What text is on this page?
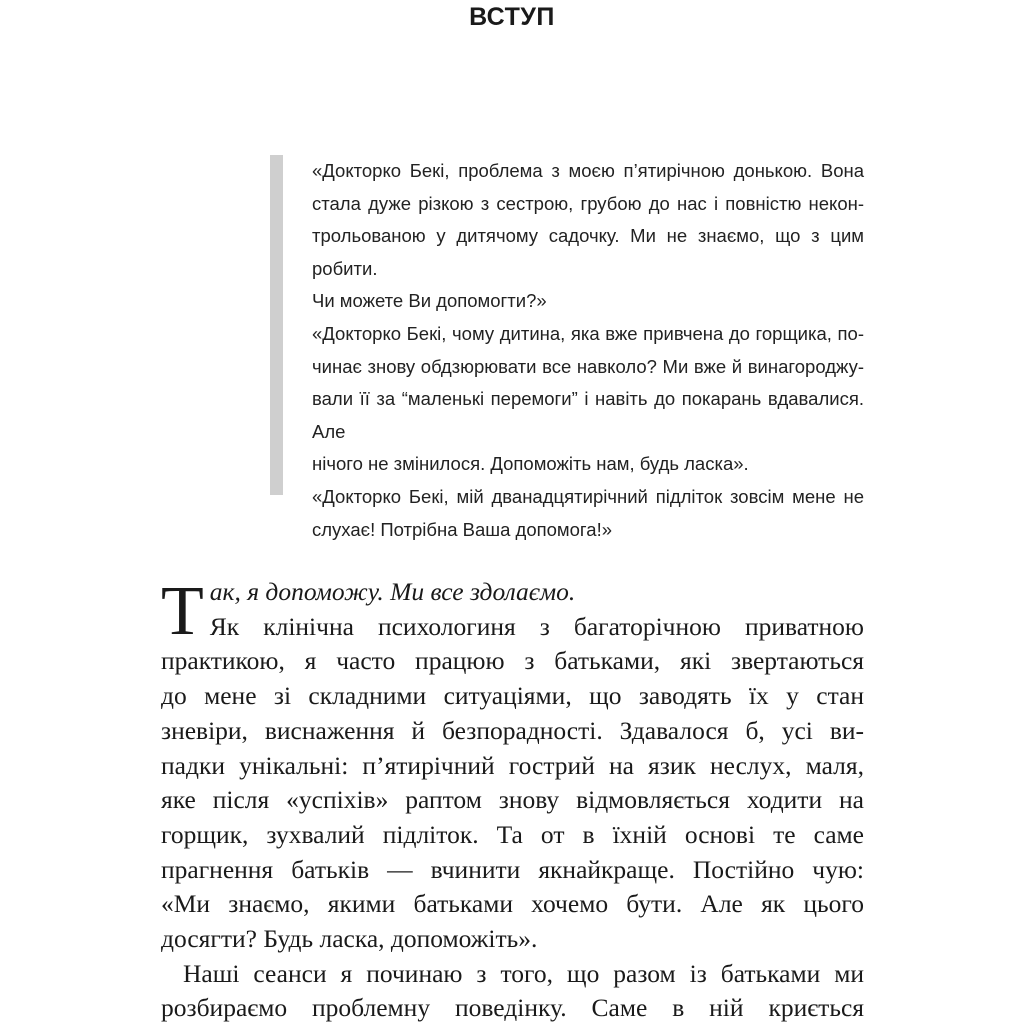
ВСТУП

«Докторко Бекі, проблема з моєю п’ятирічною донькою. Вона

стала дуже різкою з сестрою, грубою до нас і повністю некон-

трольованою у дитячому садочку. Ми не знаємо, що з цим робити.

Чи можете Ви допомогти?»

«Докторко Бекі, чому дитина, яка вже привчена до горщика, по-

чинає знову обдзюрювати все навколо? Ми вже й винагороджу-

вали її за “маленькі перемоги” і навіть до покарань вдавалися. Але

нічого не змінилося. Допоможіть нам, будь ласка».

«Докторко Бекі, мій дванадцятирічний підліток зовсім мене не

слухає! Потрібна Ваша допомога!»

Т ак, я допоможу. Ми все здолаємо.

Як клінічна психологиня з багаторічною приватною

практикою, я часто працюю з батьками, які звертаються

до мене зі складними ситуаціями, що заводять їх у стан

зневіри, виснаження й безпорадності. Здавалося б, усі ви-

падки унікальні: п’ятирічний гострий на язик неслух, маля,

яке після «успіхів» раптом знову відмовляється ходити на

горщик, зухвалий підліток. Та от в їхній основі те саме

прагнення батьків — вчинити якнайкраще. Постійно чую:

«Ми знаємо, якими батьками хочемо бути. Але як цього

досягти? Будь ласка, допоможіть».

Наші сеанси я починаю з того, що разом із батьками ми

розбираємо проблемну поведінку. Саме в ній криється
